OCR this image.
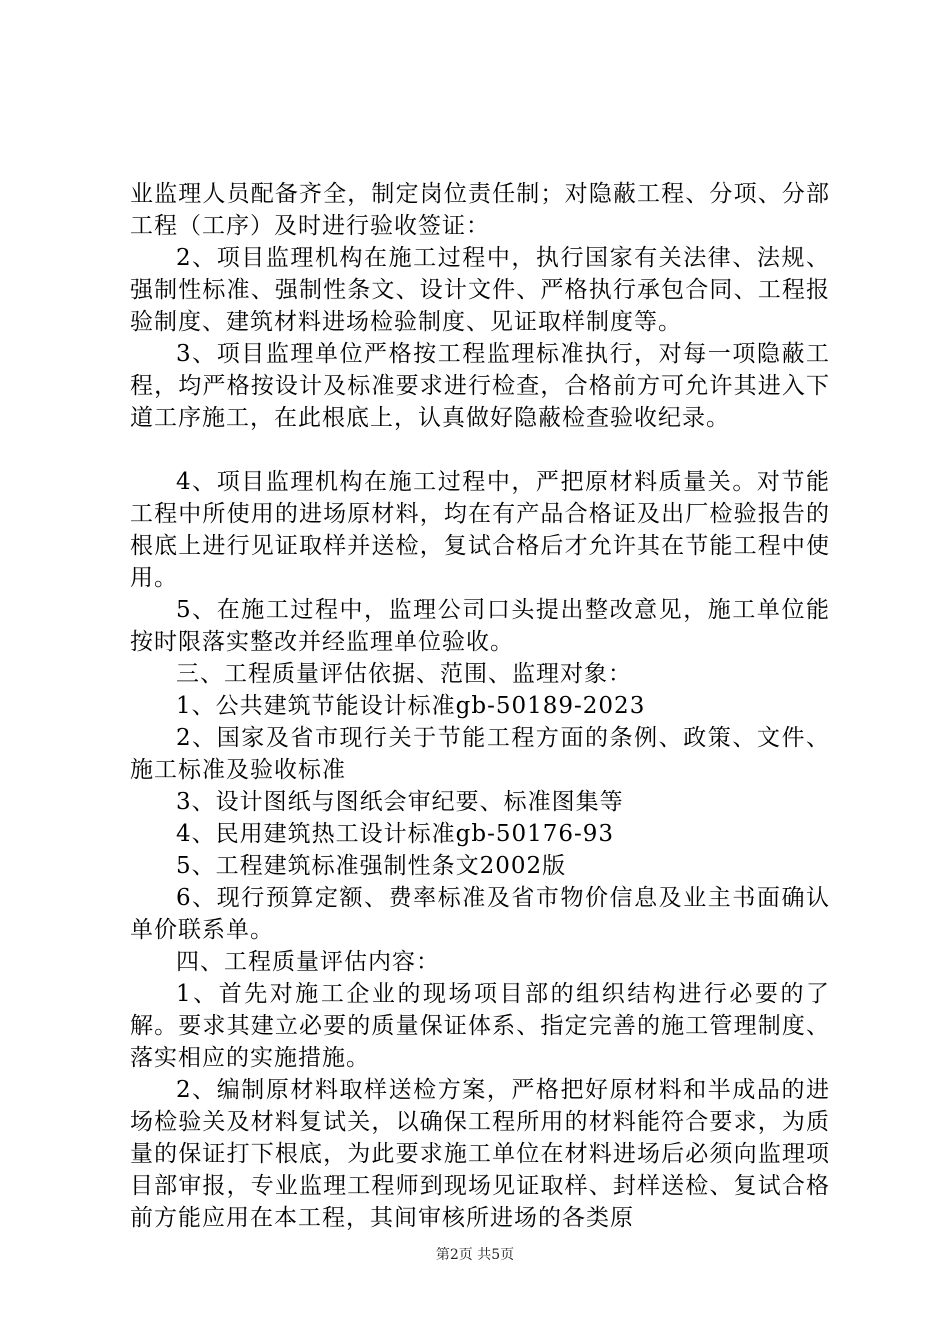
业监理人员配备齐全，制定岗位责任制；对隐蔽工程、分项、分部工程（工序）及时进行验收签证：

2、项目监理机构在施工过程中，执行国家有关法律、法规、强制性标准、强制性条文、设计文件、严格执行承包合同、工程报验制度、建筑材料进场检验制度、见证取样制度等。

3、项目监理单位严格按工程监理标准执行，对每一项隐蔽工程，均严格按设计及标准要求进行检查，合格前方可允许其进入下道工序施工，在此根底上，认真做好隐蔽检查验收纪录。

4、项目监理机构在施工过程中，严把原材料质量关。对节能工程中所使用的进场原材料，均在有产品合格证及出厂检验报告的根底上进行见证取样并送检，复试合格后才允许其在节能工程中使用。

5、在施工过程中，监理公司口头提出整改意见，施工单位能按时限落实整改并经监理单位验收。

三、工程质量评估依据、范围、监理对象：

1、公共建筑节能设计标准gb-50189-2023

2、国家及省市现行关于节能工程方面的条例、政策、文件、施工标准及验收标准

3、设计图纸与图纸会审纪要、标准图集等

4、民用建筑热工设计标准gb-50176-93

5、工程建筑标准强制性条文2002版

6、现行预算定额、费率标准及省市物价信息及业主书面确认单价联系单。

四、工程质量评估内容：

1、首先对施工企业的现场项目部的组织结构进行必要的了解。要求其建立必要的质量保证体系、指定完善的施工管理制度、落实相应的实施措施。

2、编制原材料取样送检方案，严格把好原材料和半成品的进场检验关及材料复试关，以确保工程所用的材料能符合要求，为质量的保证打下根底，为此要求施工单位在材料进场后必须向监理项目部审报，专业监理工程师到现场见证取样、封样送检、复试合格前方能应用在本工程，其间审核所进场的各类原

第2页 共5页
